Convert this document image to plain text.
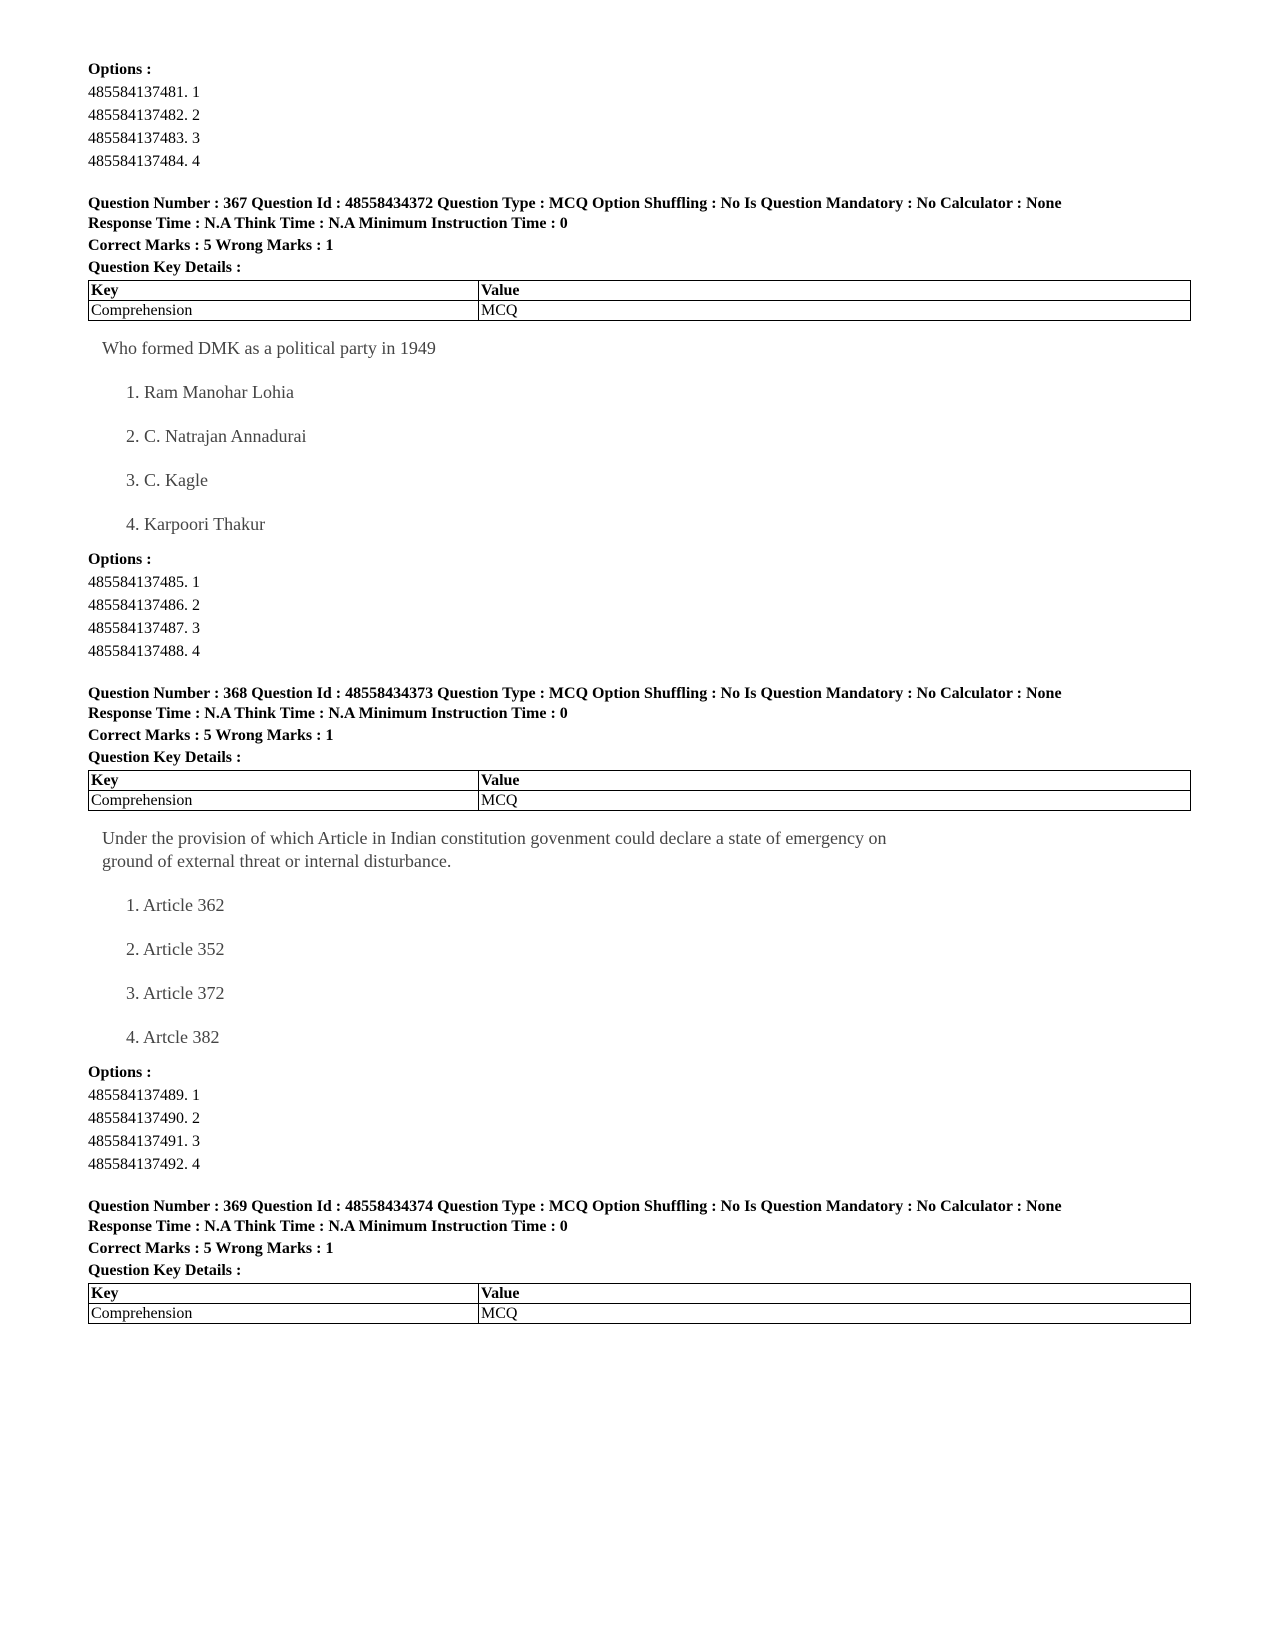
Options :
485584137481. 1
485584137482. 2
485584137483. 3
485584137484. 4
Question Number : 367 Question Id : 48558434372 Question Type : MCQ Option Shuffling : No Is Question Mandatory : No Calculator : None
Response Time : N.A Think Time : N.A Minimum Instruction Time : 0
Correct Marks : 5 Wrong Marks : 1
Question Key Details :
Key	Value
Comprehension	MCQ
Who formed DMK as a political party in 1949
1. Ram Manohar Lohia
2. C. Natrajan Annadurai
3. C. Kagle
4. Karpoori Thakur
Options :
485584137485. 1
485584137486. 2
485584137487. 3
485584137488. 4
Question Number : 368 Question Id : 48558434373 Question Type : MCQ Option Shuffling : No Is Question Mandatory : No Calculator : None
Response Time : N.A Think Time : N.A Minimum Instruction Time : 0
Correct Marks : 5 Wrong Marks : 1
Question Key Details :
Key	Value
Comprehension	MCQ
Under the provision of which Article in Indian constitution govenment could declare a state of emergency on
ground of external threat or internal disturbance.
1. Article 362
2. Article 352
3. Article 372
4. Artcle 382
Options :
485584137489. 1
485584137490. 2
485584137491. 3
485584137492. 4
Question Number : 369 Question Id : 48558434374 Question Type : MCQ Option Shuffling : No Is Question Mandatory : No Calculator : None
Response Time : N.A Think Time : N.A Minimum Instruction Time : 0
Correct Marks : 5 Wrong Marks : 1
Question Key Details :
Key	Value
Comprehension	MCQ
